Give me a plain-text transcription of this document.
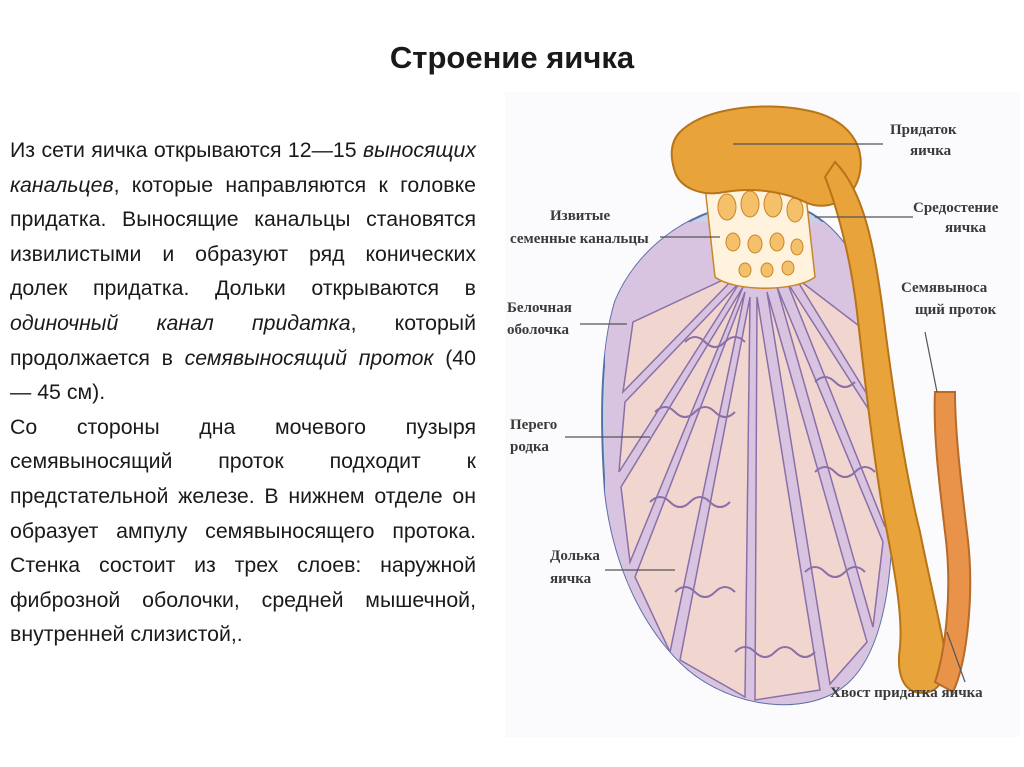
Строение яичка

Из сети яичка открываются 12—15 выносящих канальцев, которые направляются к головке придатка. Выносящие канальцы становятся извилистыми и образуют ряд конических долек придатка. Дольки открываются в одиночный канал придатка, который продолжается в семявыносящий проток (40 — 45 см).

Со стороны дна мочевого пузыря семявыносящий проток подходит к предстательной железе. В нижнем отделе он образует ампулу семявыносящего протока. Стенка состоит из трех слоев: наружной фиброзной оболочки, средней мышечной, внутренней слизистой,.

Придаток
яичка
Средостение
яичка
Извитые
семенные канальцы
Семявыноса
щий проток
Белочная
оболочка
Перего
родка
Долька
яичка
Хвост придатка яичка
